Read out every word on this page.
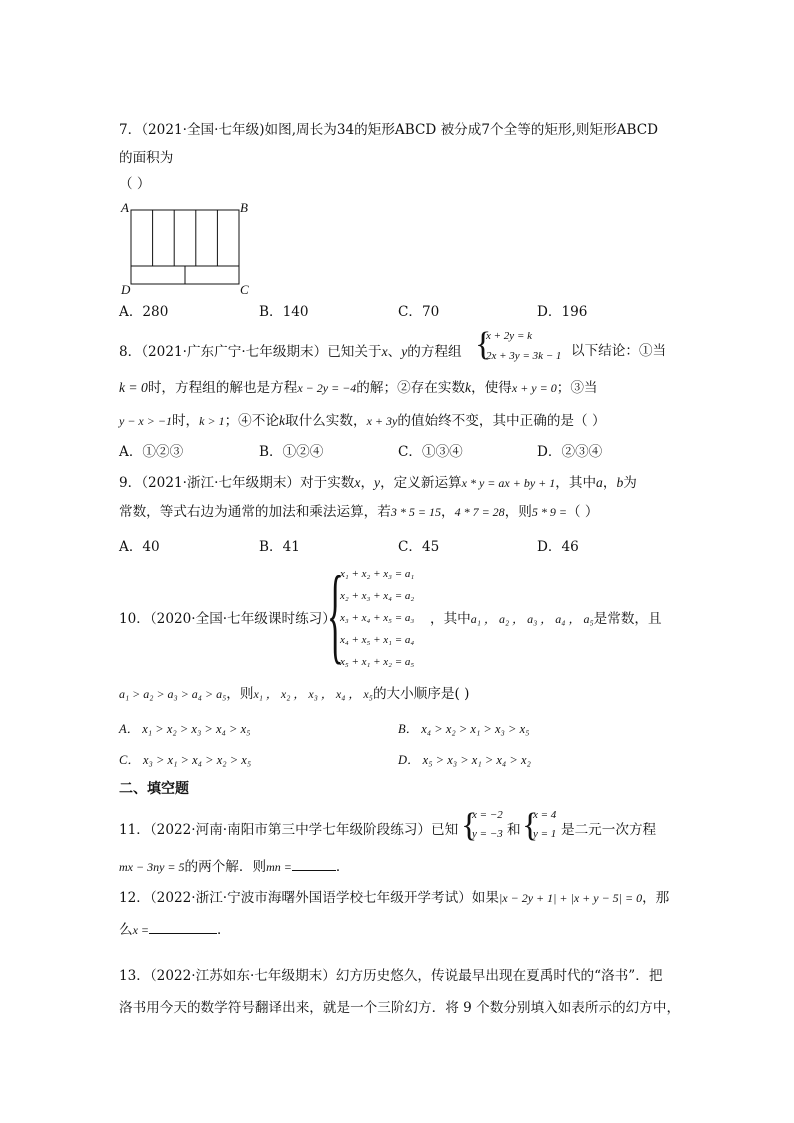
7．（2021·全国·七年级)如图,周长为34的矩形ABCD 被分成7个全等的矩形,则矩形ABCD
的面积为
（ ）
A	B
C
D
A．280	B．140	C．70	D．196
8．（2021·广东广宁·七年级期末）已知关于x、y的方程组 {
x + 2y = k
2x + 3y = 3k − 1 以下结论：①当
k = 0时，方程组的解也是方程x − 2y = −4的解；②存在实数k，使得x + y = 0；③当
y − x > −1时，k > 1；④不论k取什么实数，x + 3y的值始终不变，其中正确的是（ ）
A．①②③	B．①②④	C．①③④	D．②③④
9．（2021·浙江·七年级期末）对于实数x，y，定义新运算x * y = ax + by + 1，其中a，b为
常数，等式右边为通常的加法和乘法运算，若3 * 5 = 15，4 * 7 = 28，则5 * 9 =（ ）
A．40	B．41	C．45	D．46
10．（2020·全国·七年级课时练习）
{
x₁ + x₂ + x₃ = a₁
x₂ + x₃ + x₄ = a₂
x₃ + x₄ + x₅ = a₃
x₄ + x₅ + x₁ = a₄
x₅ + x₁ + x₂ = a₅
，其中a₁ ， a₂ ， a₃ ， a₄ ， a₅是常数，且
a₁ > a₂ > a₃ > a₄ > a₅，则x₁ ， x₂ ， x₃ ， x₄ ， x₅的大小顺序是( )
A． x₁ > x₂ > x₃ > x₄ > x₅	B． x₄ > x₂ > x₁ > x₃ > x₅
C． x₃ > x₁ > x₄ > x₂ > x₅	D． x₅ > x₃ > x₁ > x₄ > x₂
二、填空题
11．（2022·河南·南阳市第三中学七年级阶段练习）已知 {
x = −2
y = −3 和 {
x = 4
y = 1 是二元一次方程
mx − 3ny = 5的两个解．则mn =	．
12．（2022·浙江·宁波市海曙外国语学校七年级开学考试）如果|x − 2y + 1| + |x + y − 5| = 0，那
么x =	．
13．（2022·江苏如东·七年级期末）幻方历史悠久，传说最早出现在夏禹时代的“洛书”．把
洛书用今天的数学符号翻译出来，就是一个三阶幻方．将 9 个数分别填入如表所示的幻方中，
